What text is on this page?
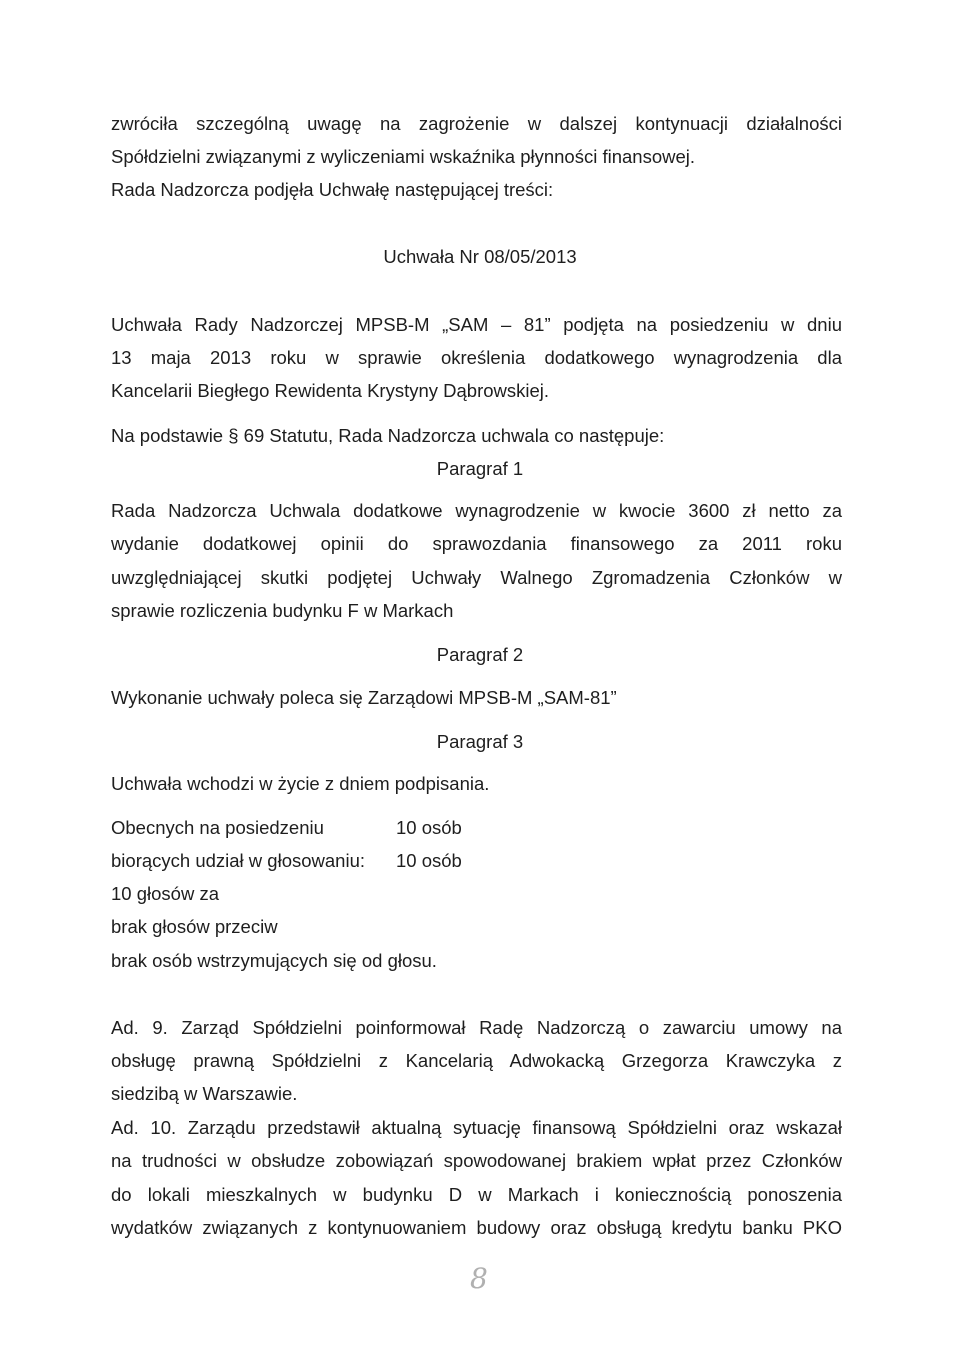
zwróciła szczególną uwagę na zagrożenie w dalszej kontynuacji działalności
Spółdzielni związanymi z wyliczeniami wskaźnika płynności finansowej.
Rada Nadzorcza podjęła Uchwałę następującej treści:
Uchwała Nr 08/05/2013
Uchwała Rady Nadzorczej MPSB-M „SAM – 81” podjęta na posiedzeniu w dniu
13 maja 2013 roku w sprawie określenia dodatkowego wynagrodzenia dla
Kancelarii Biegłego Rewidenta Krystyny Dąbrowskiej.
Na podstawie § 69 Statutu, Rada Nadzorcza uchwala co następuje:
Paragraf 1
Rada Nadzorcza Uchwala dodatkowe wynagrodzenie w kwocie 3600 zł netto za
wydanie dodatkowej opinii do sprawozdania finansowego za 2011 roku
uwzględniającej skutki podjętej Uchwały Walnego Zgromadzenia Członków w
sprawie rozliczenia budynku F w Markach
Paragraf 2
Wykonanie uchwały poleca się Zarządowi MPSB-M „SAM-81”
Paragraf 3
Uchwała wchodzi w życie z dniem podpisania.
Obecnych na posiedzeniu	10 osób
biorących udział w głosowaniu: 10 osób
10 głosów za
brak głosów przeciw
brak osób wstrzymujących się od głosu.
Ad. 9. Zarząd Spółdzielni poinformował Radę Nadzorczą o zawarciu umowy na
obsługę prawną Spółdzielni z Kancelarią Adwokacką Grzegorza Krawczyka z
siedzibą w Warszawie.
Ad. 10. Zarządu przedstawił aktualną sytuację finansową Spółdzielni oraz wskazał
na trudności w obsłudze zobowiązań spowodowanej brakiem wpłat przez Członków
do lokali mieszkalnych w budynku D w Markach i koniecznością ponoszenia
wydatków związanych z kontynuowaniem budowy oraz obsługą kredytu banku PKO
8
